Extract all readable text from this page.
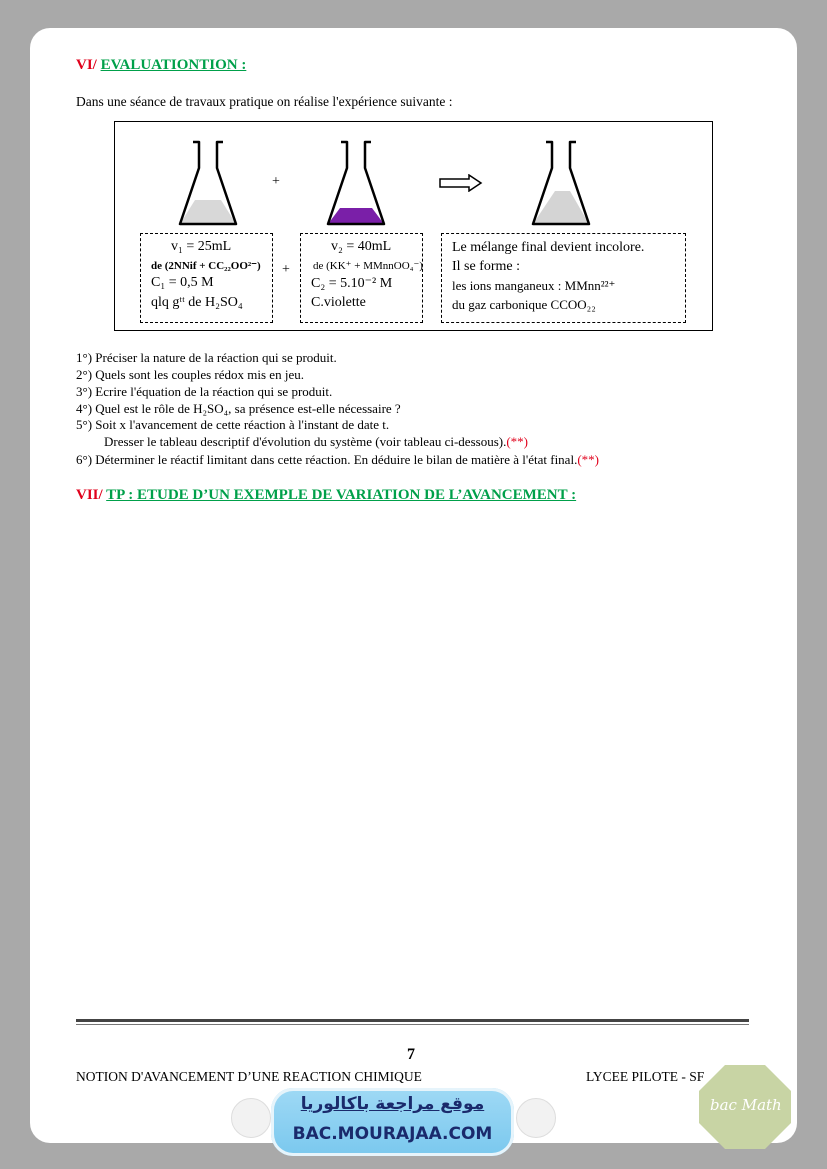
VI/ EVALUATIONTION :
Dans une séance de travaux pratique on réalise l'expérience suivante :
+
v₁ = 25mL
de (2NNif + CC₂₂OO²⁻)
C₁ = 0,5 M
qlq gᵗᵗ de H₂SO₄
+
v₂ = 40mL
de (KK⁺ + MMnnOO₄⁻)
C₂ = 5.10⁻² M
C.violette
Le mélange final devient incolore.
Il se forme :
les ions manganeux : MMnn²²⁺
du gaz carbonique CCOO₂₂
1°) Préciser la nature de la réaction qui se produit.
2°) Quels sont les couples rédox mis en jeu.
3°) Ecrire l'équation de la réaction qui se produit.
4°) Quel est le rôle de H₂SO₄, sa présence est-elle nécessaire ?
5°) Soit x l'avancement de cette réaction à l'instant de date t.
Dresser le tableau descriptif d'évolution du système (voir tableau ci-dessous).(**)
6°) Déterminer le réactif limitant dans cette réaction. En déduire le bilan de matière à l'état final.(**)
VII/ TP : ETUDE D’UN EXEMPLE DE VARIATION DE L’AVANCEMENT :
7
NOTION D'AVANCEMENT D’UNE REACTION CHIMIQUE	LYCEE PILOTE - SF
موقع مراجعة باكالوريا
BAC.MOURAJAA.COM
bac Math
